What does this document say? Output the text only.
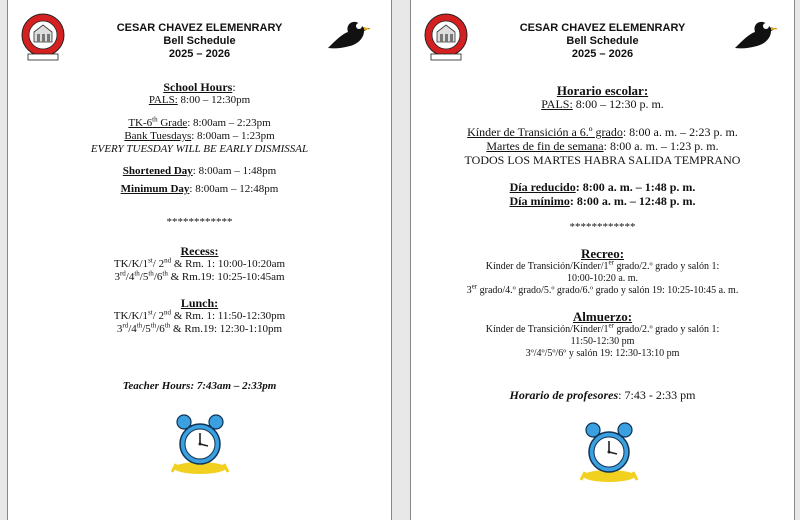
CESAR CHAVEZ ELEMENRARY
Bell Schedule
2025 – 2026
School Hours:
PALS: 8:00 – 12:30pm
TK-6th Grade: 8:00am – 2:23pm
Bank Tuesdays: 8:00am – 1:23pm
EVERY TUESDAY WILL BE EARLY DISMISSAL
Shortened Day: 8:00am – 1:48pm
Minimum Day: 8:00am – 12:48pm
************
Recess:
TK/K/1st/ 2nd & Rm. 1: 10:00-10:20am
3rd/4th/5th/6th & Rm.19: 10:25-10:45am
Lunch:
TK/K/1st/ 2nd & Rm. 1: 11:50-12:30pm
3rd/4th/5th/6th & Rm.19: 12:30-1:10pm
Teacher Hours: 7:43am – 2:33pm
CESAR CHAVEZ ELEMENRARY
Bell Schedule
2025 – 2026
Horario escolar:
PALS: 8:00 – 12:30 p. m.
Kínder de Transición a 6.º grado: 8:00 a. m. – 2:23 p. m.
Martes de fin de semana: 8:00 a. m. – 1:23 p. m.
TODOS LOS MARTES HABRA SALIDA TEMPRANO
Día reducido: 8:00 a. m. – 1:48 p. m.
Día mínimo: 8:00 a. m. – 12:48 p. m.
************
Recreo:
Kínder de Transición/Kínder/1er grado/2.º grado y salón 1:
10:00-10:20 a. m.
3er grado/4.º grado/5.º grado/6.º grado y salón 19: 10:25-10:45 a. m.
Almuerzo:
Kínder de Transición/Kínder/1er grado/2.º grado y salón 1:
11:50-12:30 pm
3º/4º/5º/6º y salón 19: 12:30-13:10 pm
Horario de profesores: 7:43 - 2:33 pm
